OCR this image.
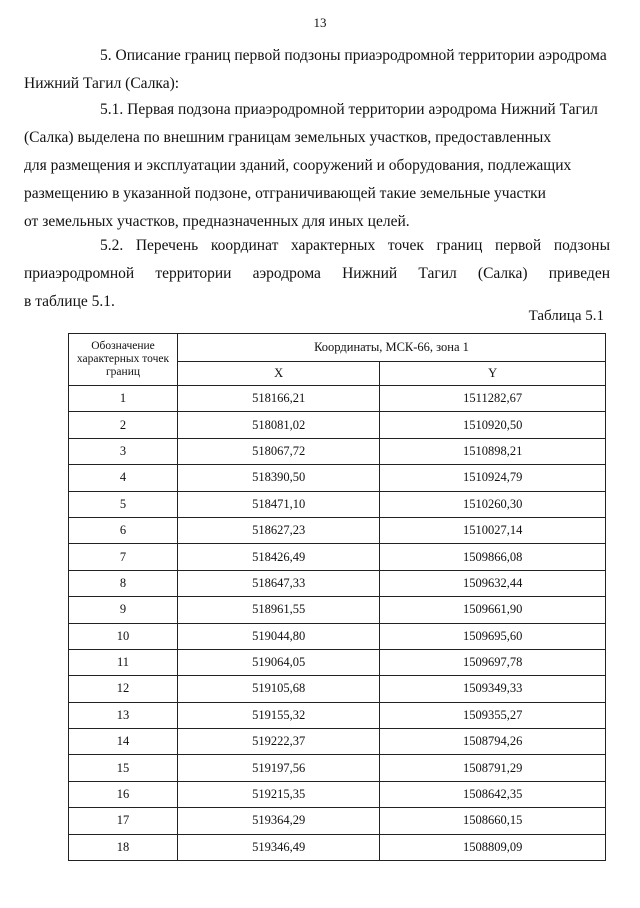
13

5. Описание границ первой подзоны приаэродромной территории аэродрома
Нижний Тагил (Салка):

5.1. Первая подзона приаэродромной территории аэродрома Нижний Тагил
(Салка) выделена по внешним границам земельных участков, предоставленных
для размещения и эксплуатации зданий, сооружений и оборудования, подлежащих
размещению в указанной подзоне, отграничивающей такие земельные участки
от земельных участков, предназначенных для иных целей.

5.2. Перечень координат характерных точек границ первой подзоны
приаэродромной территории аэродрома Нижний Тагил (Салка) приведен
в таблице 5.1.

Таблица 5.1
Обозначение характерных точек границ	Координаты, МСК-66, зона 1	
	X	Y
1	518166,21	1511282,67
2	518081,02	1510920,50
3	518067,72	1510898,21
4	518390,50	1510924,79
5	518471,10	1510260,30
6	518627,23	1510027,14
7	518426,49	1509866,08
8	518647,33	1509632,44
9	518961,55	1509661,90
10	519044,80	1509695,60
11	519064,05	1509697,78
12	519105,68	1509349,33
13	519155,32	1509355,27
14	519222,37	1508794,26
15	519197,56	1508791,29
16	519215,35	1508642,35
17	519364,29	1508660,15
18	519346,49	1508809,09
